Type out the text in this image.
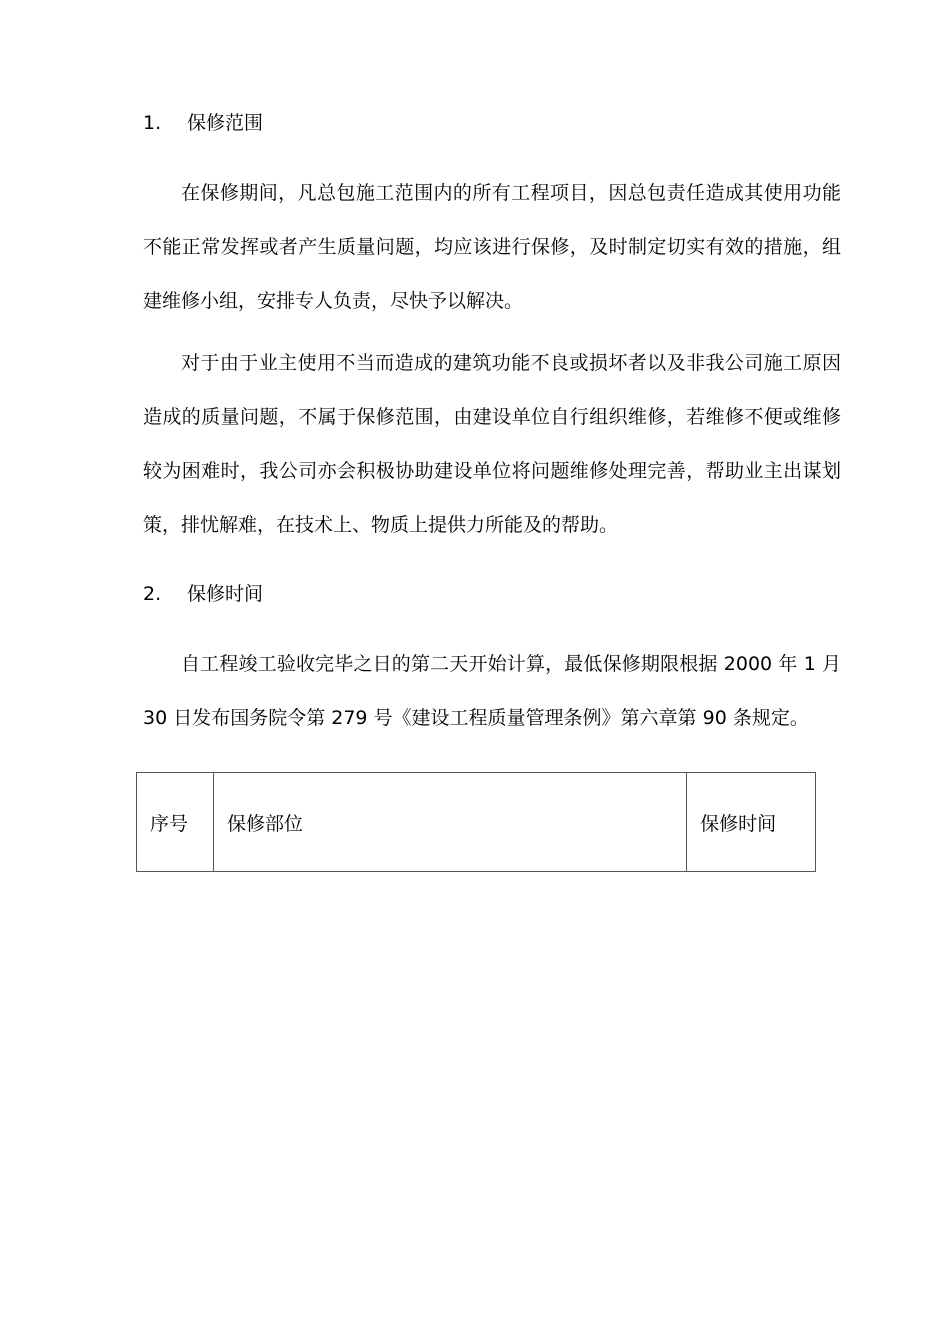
1. 保修范围

在保修期间，凡总包施工范围内的所有工程项目，因总包责任造成其使用功能不能正常发挥或者产生质量问题，均应该进行保修，及时制定切实有效的措施，组建维修小组，安排专人负责，尽快予以解决。

对于由于业主使用不当而造成的建筑功能不良或损坏者以及非我公司施工原因造成的质量问题，不属于保修范围，由建设单位自行组织维修，若维修不便或维修较为困难时，我公司亦会积极协助建设单位将问题维修处理完善，帮助业主出谋划策，排忧解难，在技术上、物质上提供力所能及的帮助。

2. 保修时间

自工程竣工验收完毕之日的第二天开始计算，最低保修期限根据 2000 年 1 月 30 日发布国务院令第 279 号《建设工程质量管理条例》第六章第 90 条规定。

序号	保修部位	保修时间
